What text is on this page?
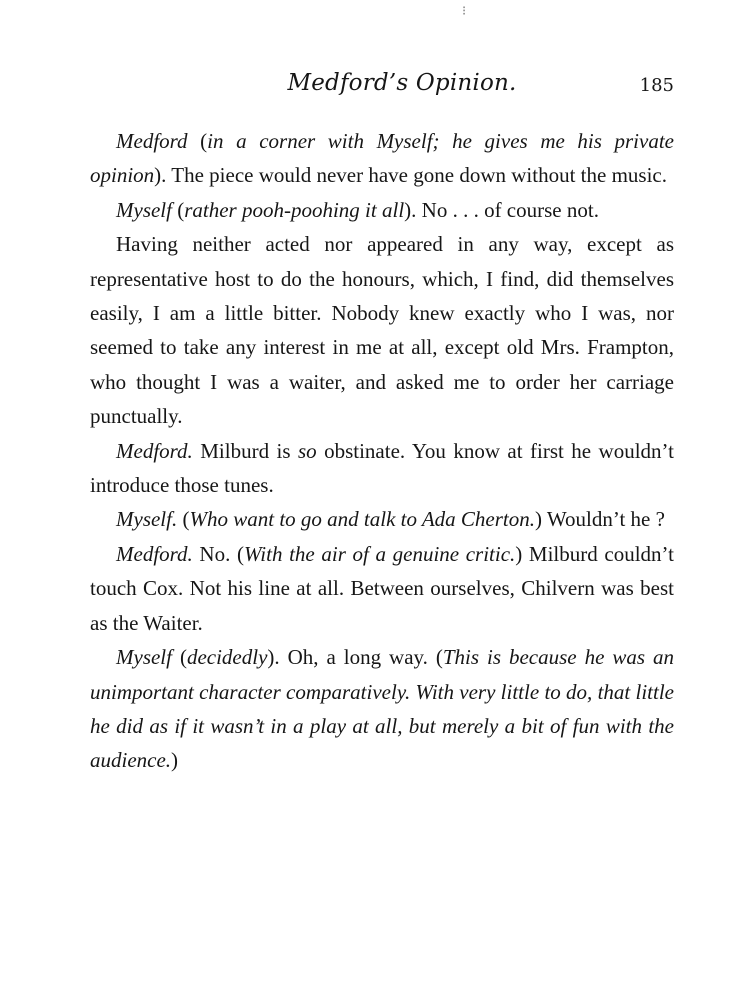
⁝
Medford’s Opinion.	185

Medford (in a corner with Myself; he gives me his private opinion). The piece would never have gone down without the music.

Myself (rather pooh-poohing it all). No . . . of course not.

Having neither acted nor appeared in any way, except as representative host to do the honours, which, I find, did themselves easily, I am a little bitter. Nobody knew exactly who I was, nor seemed to take any interest in me at all, except old Mrs. Frampton, who thought I was a waiter, and asked me to order her carriage punctually.

Medford. Milburd is so obstinate. You know at first he wouldn’t introduce those tunes.

Myself. (Who want to go and talk to Ada Cherton.) Wouldn’t he ?

Medford. No. (With the air of a genuine critic.) Milburd couldn’t touch Cox. Not his line at all. Between ourselves, Chilvern was best as the Waiter.

Myself (decidedly). Oh, a long way. (This is because he was an unimportant character comparatively. With very little to do, that little he did as if it wasn’t in a play at all, but merely a bit of fun with the audience.)
